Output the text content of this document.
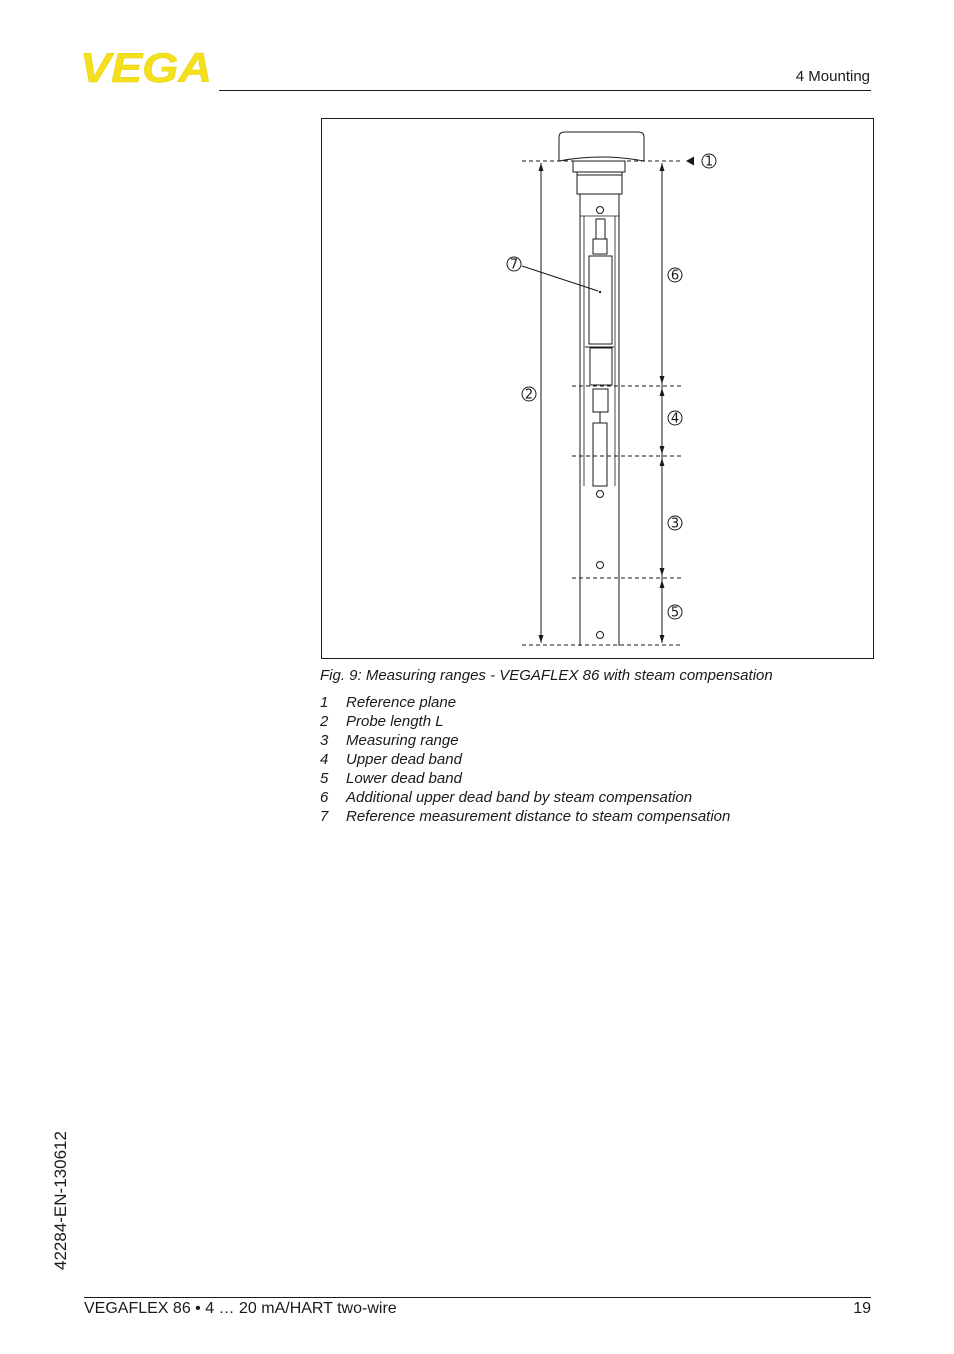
VEGA	4 Mounting
1
2
3
4
5
6
7
Fig. 9: Measuring ranges - VEGAFLEX 86 with steam compensation
1 Reference plane
2 Probe length L
3 Measuring range
4 Upper dead band
5 Lower dead band
6 Additional upper dead band by steam compensation
7 Reference measurement distance to steam compensation
42284-EN-130612
VEGAFLEX 86 • 4 … 20 mA/HART two-wire	19
